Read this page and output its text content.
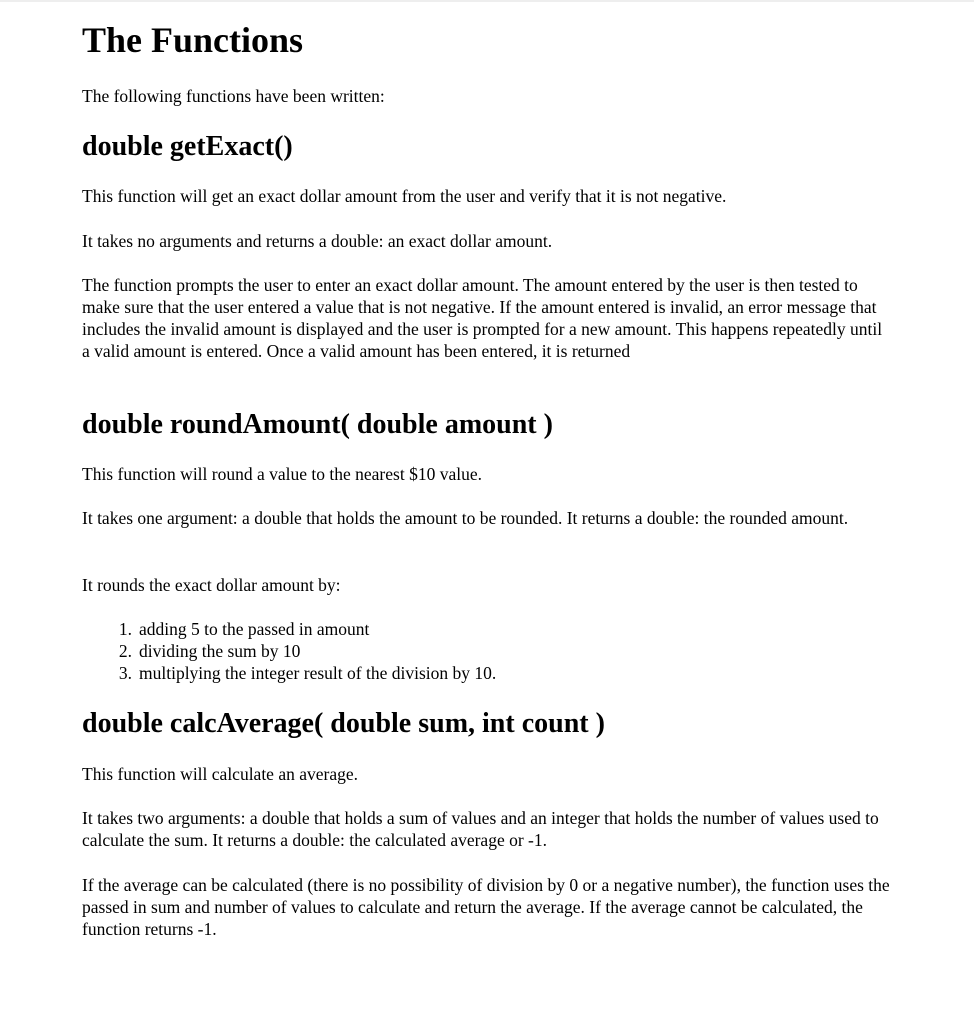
The Functions

The following functions have been written:

double getExact()

This function will get an exact dollar amount from the user and verify that it is not negative.

It takes no arguments and returns a double: an exact dollar amount.

The function prompts the user to enter an exact dollar amount. The amount entered by the user is then tested to make sure that the user entered a value that is not negative. If the amount entered is invalid, an error message that includes the invalid amount is displayed and the user is prompted for a new amount. This happens repeatedly until a valid amount is entered. Once a valid amount has been entered, it is returned

double roundAmount( double amount )

This function will round a value to the nearest $10 value.

It takes one argument: a double that holds the amount to be rounded. It returns a double: the rounded amount.

It rounds the exact dollar amount by:

1. adding 5 to the passed in amount
2. dividing the sum by 10
3. multiplying the integer result of the division by 10.
double calcAverage( double sum, int count )

This function will calculate an average.

It takes two arguments: a double that holds a sum of values and an integer that holds the number of values used to calculate the sum. It returns a double: the calculated average or -1.

If the average can be calculated (there is no possibility of division by 0 or a negative number), the function uses the passed in sum and number of values to calculate and return the average. If the average cannot be calculated, the function returns -1.
